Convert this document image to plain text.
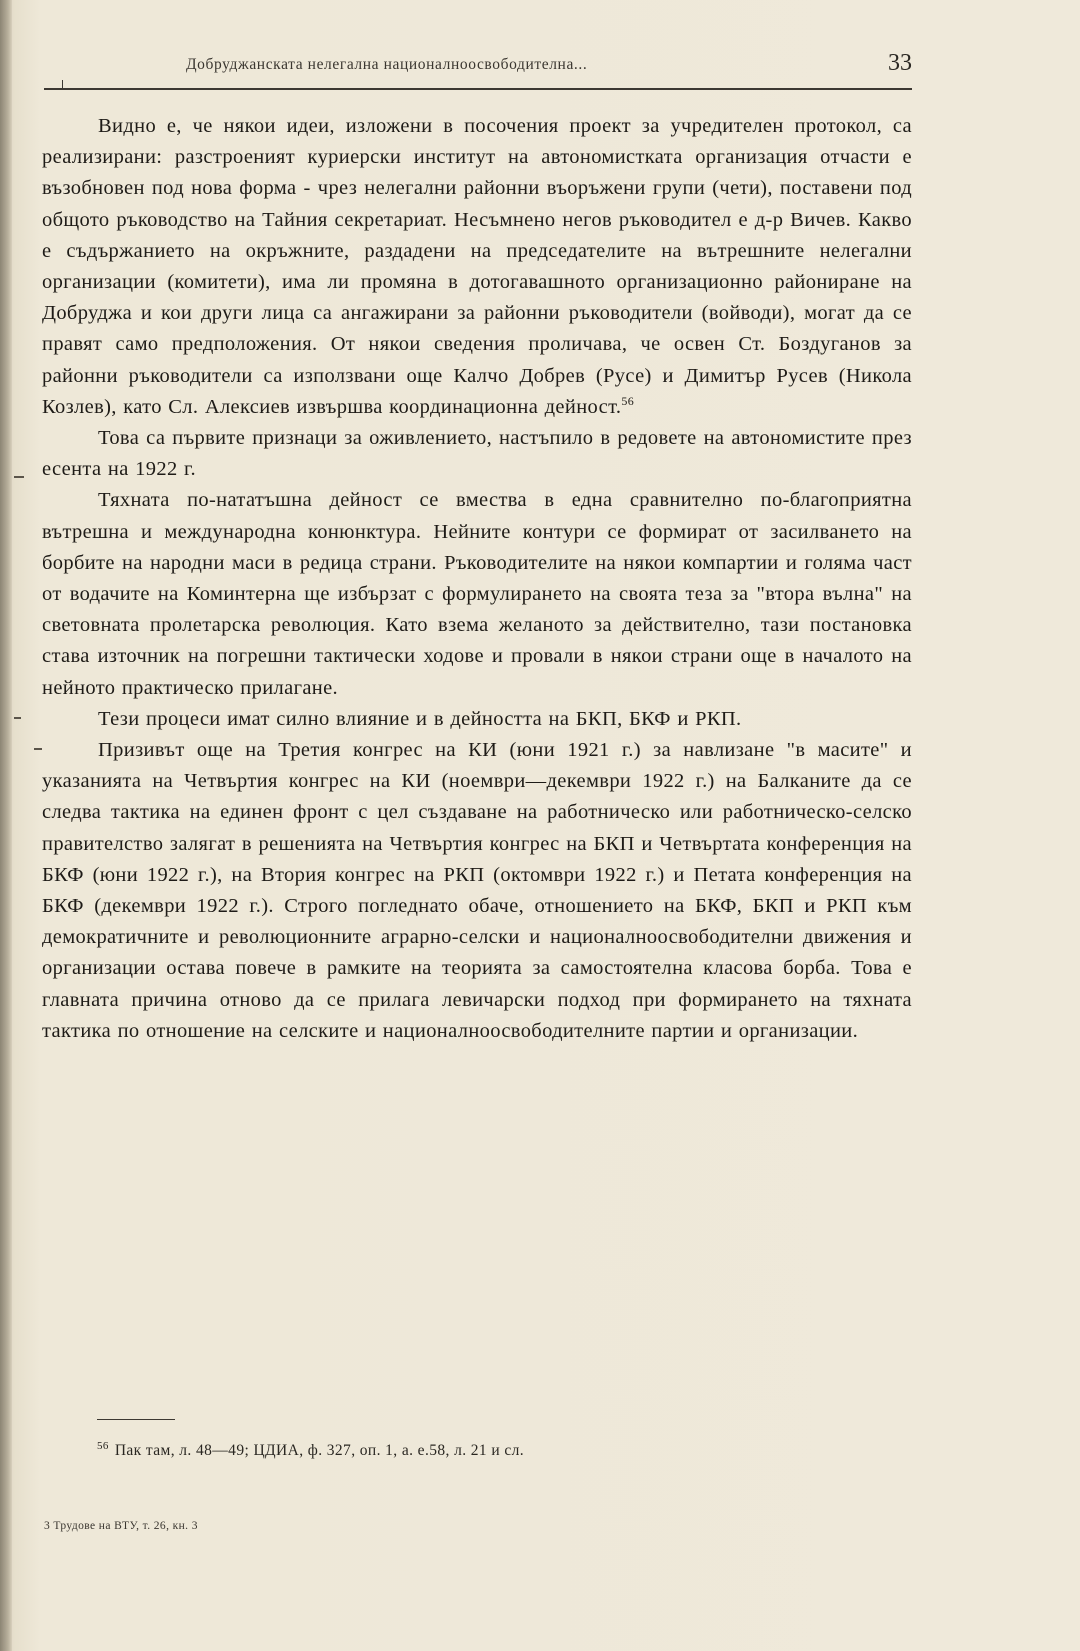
Добруджанската нелегална националноосвободителна...	33

Видно е, че някои идеи, изложени в посочения проект за учредителен протокол, са реализирани: разстроеният куриерски институт на автономистката организация отчасти е възобновен под нова форма - чрез нелегални районни въоръжени групи (чети), поставени под общото ръководство на Тайния секретариат. Несъмнено негов ръководител е д-р Вичев. Какво е съдържанието на окръжните, раздадени на председателите на вътрешните нелегални организации (комитети), има ли промяна в дотогавашното организационно райониране на Добруджа и кои други лица са ангажирани за районни ръководители (войводи), могат да се правят само предположения. От някои сведения проличава, че освен Ст. Боздуганов за районни ръководители са използвани още Калчо Добрев (Русе) и Димитър Русев (Никола Козлев), като Сл. Алексиев извършва координационна дейност.$^{56}$

Това са първите признаци за оживлението, настъпило в редовете на автономистите през есента на 1922 г.

Тяхната по-нататъшна дейност се вмества в една сравнително по-благоприятна вътрешна и международна конюнктура. Нейните контури се формират от засилването на борбите на народни маси в редица страни. Ръководителите на някои компартии и голяма част от водачите на Коминтерна ще избързат с формулирането на своята теза за "втора вълна" на световната пролетарска революция. Като взема желаното за действително, тази постановка става източник на погрешни тактически ходове и провали в някои страни още в началото на нейното практическо прилагане.

Тези процеси имат силно влияние и в дейността на БКП, БКФ и РКП.

Призивът още на Третия конгрес на КИ (юни 1921 г.) за навлизане "в масите" и указанията на Четвъртия конгрес на КИ (ноември—декември 1922 г.) на Балканите да се следва тактика на единен фронт с цел създаване на работническо или работническо-селско правителство залягат в решенията на Четвъртия конгрес на БКП и Четвъртата конференция на БКФ (юни 1922 г.), на Втория конгрес на РКП (октомври 1922 г.) и Петата конференция на БКФ (декември 1922 г.). Строго погледнато обаче, отношението на БКФ, БКП и РКП към демократичните и революционните аграрно-селски и националноосвободителни движения и организации остава повече в рамките на теорията за самостоятелна класова борба. Това е главната причина отново да се прилага левичарски подход при формирането на тяхната тактика по отношение на селските и националноосвободителните партии и организации.

$^{56}$ Пак там, л. 48—49; ЦДИА, ф. 327, оп. 1, а. е.58, л. 21 и сл.
3 Трудове на ВТУ, т. 26, кн. 3
